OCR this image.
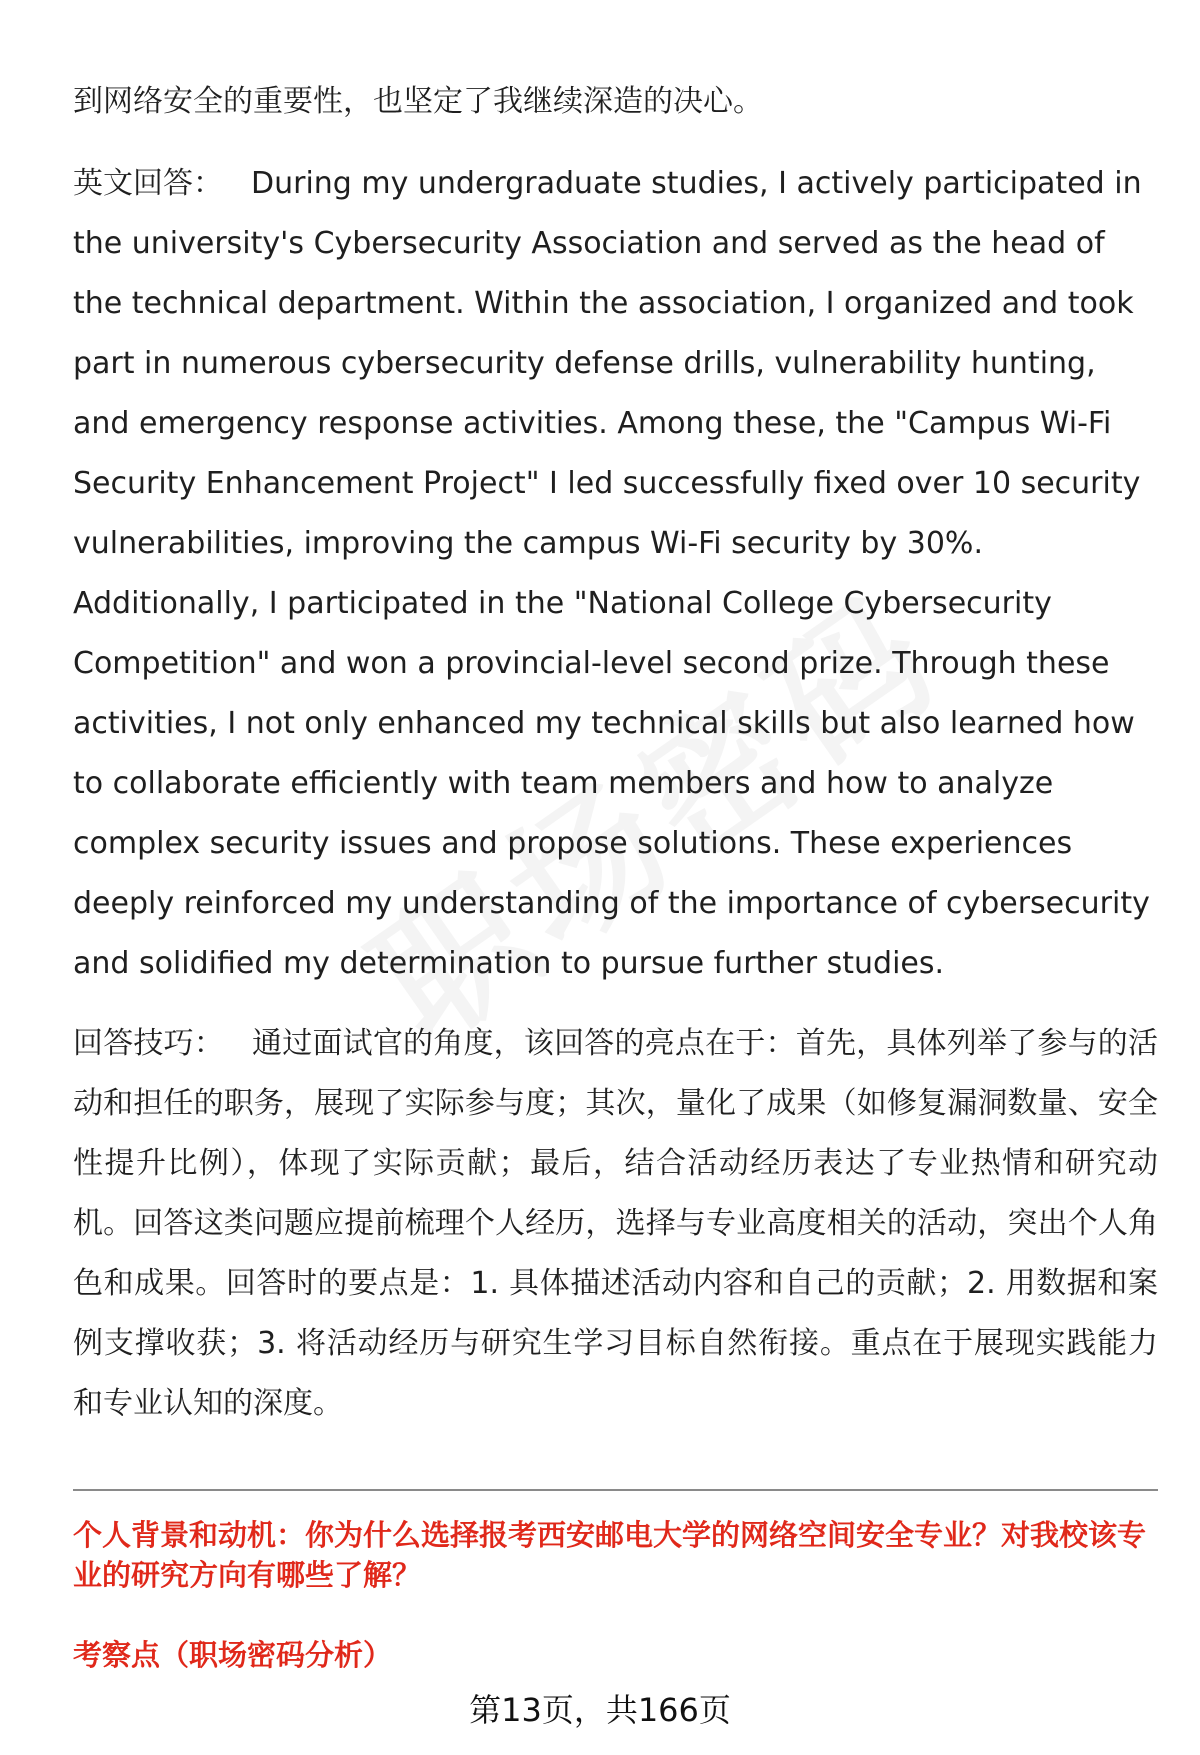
到网络安全的重要性，也坚定了我继续深造的决心。

英文回答： During my undergraduate studies, I actively participated in the university's Cybersecurity Association and served as the head of the technical department. Within the association, I organized and took part in numerous cybersecurity defense drills, vulnerability hunting, and emergency response activities. Among these, the "Campus Wi-Fi Security Enhancement Project" I led successfully fixed over 10 security vulnerabilities, improving the campus Wi-Fi security by 30%. Additionally, I participated in the "National College Cybersecurity Competition" and won a provincial-level second prize. Through these activities, I not only enhanced my technical skills but also learned how to collaborate efficiently with team members and how to analyze complex security issues and propose solutions. These experiences deeply reinforced my understanding of the importance of cybersecurity and solidified my determination to pursue further studies.

回答技巧： 通过面试官的角度，该回答的亮点在于：首先，具体列举了参与的活动和担任的职务，展现了实际参与度；其次，量化了成果（如修复漏洞数量、安全性提升比例），体现了实际贡献；最后，结合活动经历表达了专业热情和研究动机。回答这类问题应提前梳理个人经历，选择与专业高度相关的活动，突出个人角色和成果。回答时的要点是：1. 具体描述活动内容和自己的贡献；2. 用数据和案例支撑收获；3. 将活动经历与研究生学习目标自然衔接。重点在于展现实践能力和专业认知的深度。

个人背景和动机：你为什么选择报考西安邮电大学的网络空间安全专业？对我校该专业的研究方向有哪些了解？

考察点（职场密码分析）

第13页，共166页
